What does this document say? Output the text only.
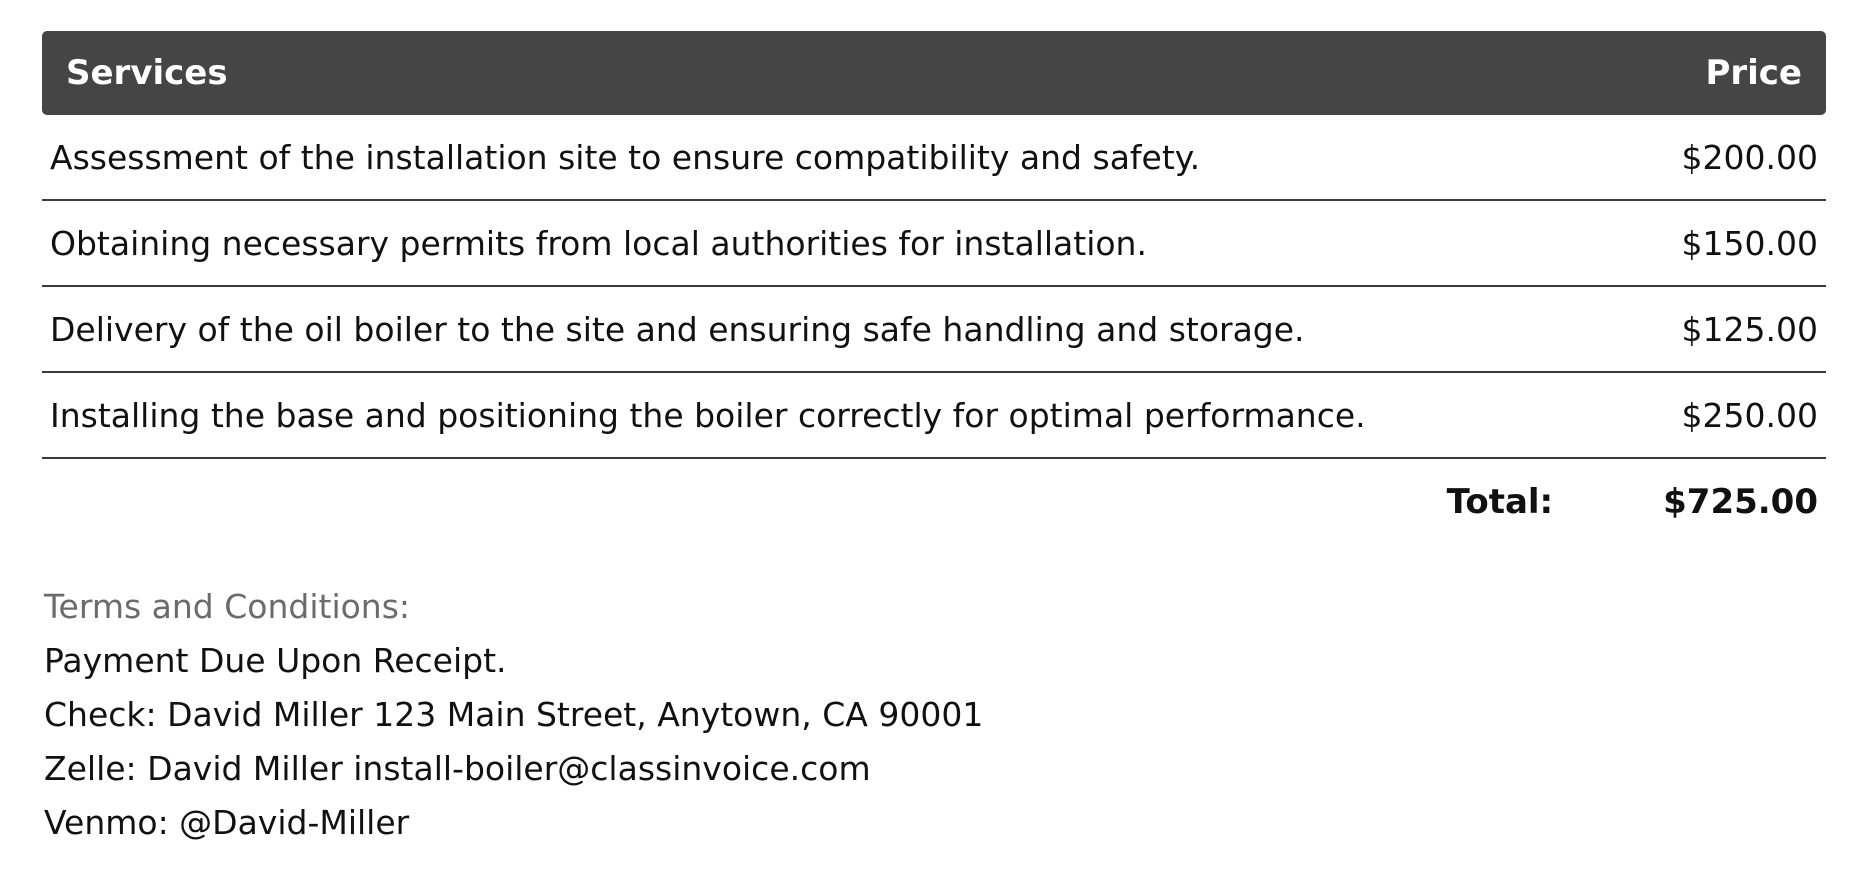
Services	Price
Assessment of the installation site to ensure compatibility and safety.	$200.00
Obtaining necessary permits from local authorities for installation.	$150.00
Delivery of the oil boiler to the site and ensuring safe handling and storage.	$125.00
Installing the base and positioning the boiler correctly for optimal performance.	$250.00
Total:	$725.00
Terms and Conditions:
Payment Due Upon Receipt.
Check: David Miller 123 Main Street, Anytown, CA 90001
Zelle: David Miller install-boiler@classinvoice.com
Venmo: @David-Miller
